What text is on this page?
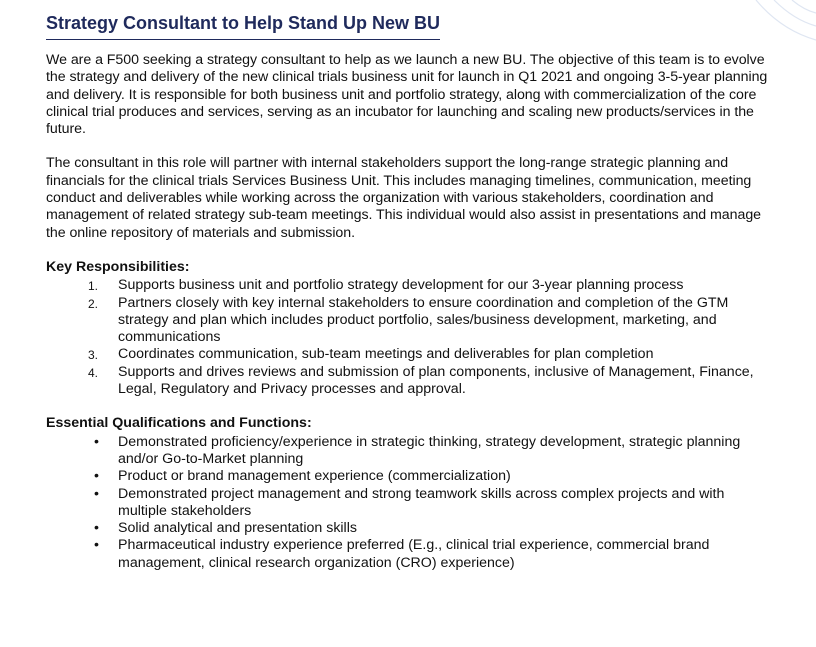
Strategy Consultant to Help Stand Up New BU

We are a F500 seeking a strategy consultant to help as we launch a new BU. The objective of this team is to evolve the strategy and delivery of the new clinical trials business unit for launch in Q1 2021 and ongoing 3-5-year planning and delivery. It is responsible for both business unit and portfolio strategy, along with commercialization of the core clinical trial produces and services, serving as an incubator for launching and scaling new products/services in the future.

The consultant in this role will partner with internal stakeholders support the long-range strategic planning and financials for the clinical trials Services Business Unit. This includes managing timelines, communication, meeting conduct and deliverables while working across the organization with various stakeholders, coordination and management of related strategy sub-team meetings. This individual would also assist in presentations and manage the online repository of materials and submission.

Key Responsibilities:
1. Supports business unit and portfolio strategy development for our 3-year planning process
2. Partners closely with key internal stakeholders to ensure coordination and completion of the GTM strategy and plan which includes product portfolio, sales/business development, marketing, and communications
3. Coordinates communication, sub-team meetings and deliverables for plan completion
4. Supports and drives reviews and submission of plan components, inclusive of Management, Finance, Legal, Regulatory and Privacy processes and approval.
Essential Qualifications and Functions:
• Demonstrated proficiency/experience in strategic thinking, strategy development, strategic planning and/or Go-to-Market planning
• Product or brand management experience (commercialization)
• Demonstrated project management and strong teamwork skills across complex projects and with multiple stakeholders
• Solid analytical and presentation skills
• Pharmaceutical industry experience preferred (E.g., clinical trial experience, commercial brand management, clinical research organization (CRO) experience)
